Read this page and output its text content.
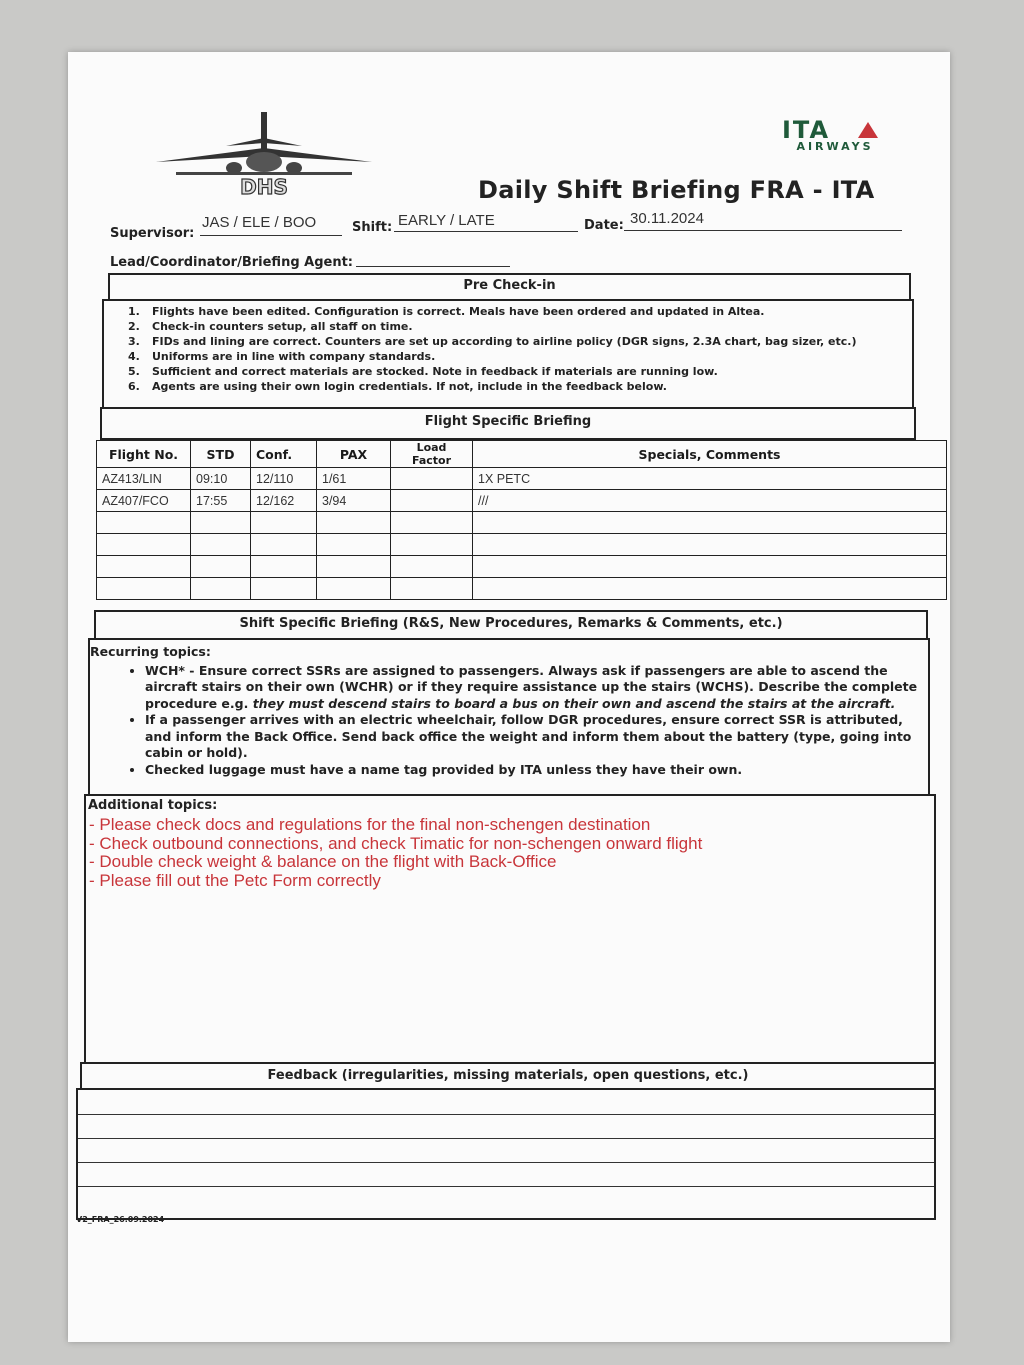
DHS
ITA
AIRWAYS
Daily Shift Briefing FRA - ITA
Supervisor:
JAS / ELE / BOO	Shift: EARLY / LATE	Date: 30.11.2024
Lead/Coordinator/Briefing Agent:
Pre Check-in
1. Flights have been edited. Configuration is correct. Meals have been ordered and updated in Altea.
2. Check-in counters setup, all staff on time.
3. FIDs and lining are correct. Counters are set up according to airline policy (DGR signs, 2.3A chart, bag sizer, etc.)
4. Uniforms are in line with company standards.
5. Sufficient and correct materials are stocked. Note in feedback if materials are running low.
6. Agents are using their own login credentials. If not, include in the feedback below.
Flight Specific Briefing
Flight No.	STD	Conf.	PAX	Load Factor	Specials, Comments
AZ413/LIN	09:10	12/110	1/61		1X PETC
AZ407/FCO	17:55	12/162	3/94		///

Shift Specific Briefing (R&S, New Procedures, Remarks & Comments, etc.)
Recurring topics:
• WCH* - Ensure correct SSRs are assigned to passengers. Always ask if passengers are able to ascend the aircraft stairs on their own (WCHR) or if they require assistance up the stairs (WCHS). Describe the complete procedure e.g. they must descend stairs to board a bus on their own and ascend the stairs at the aircraft.
• If a passenger arrives with an electric wheelchair, follow DGR procedures, ensure correct SSR is attributed, and inform the Back Office. Send back office the weight and inform them about the battery (type, going into cabin or hold).
• Checked luggage must have a name tag provided by ITA unless they have their own.
Additional topics:
- Please check docs and regulations for the final non-schengen destination
- Check outbound connections, and check Timatic for non-schengen onward flight
- Double check weight & balance on the flight with Back-Office
- Please fill out the Petc Form correctly
Feedback (irregularities, missing materials, open questions, etc.)
V2_FRA_26.09.2024
